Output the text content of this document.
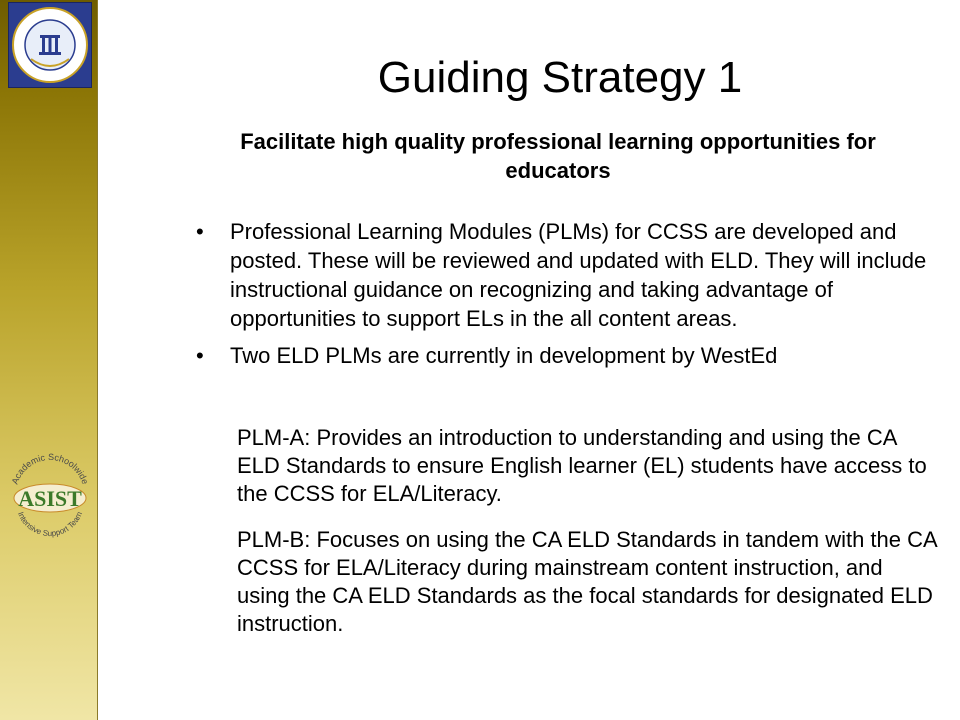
Academic Schoolwide
ASIST
Intensive Support Team
Guiding Strategy 1

Facilitate high quality professional learning opportunities for educators

• Professional Learning Modules (PLMs) for CCSS are developed and posted. These will be reviewed and updated with ELD. They will include instructional guidance on recognizing and taking advantage of opportunities to support ELs in the all content areas.
• Two ELD PLMs are currently in development by WestEd

PLM-A: Provides an introduction to understanding and using the CA ELD Standards to ensure English learner (EL) students have access to the CCSS for ELA/Literacy.

PLM-B: Focuses on using the CA ELD Standards in tandem with the CA CCSS for ELA/Literacy during mainstream content instruction, and using the CA ELD Standards as the focal standards for designated ELD instruction.
